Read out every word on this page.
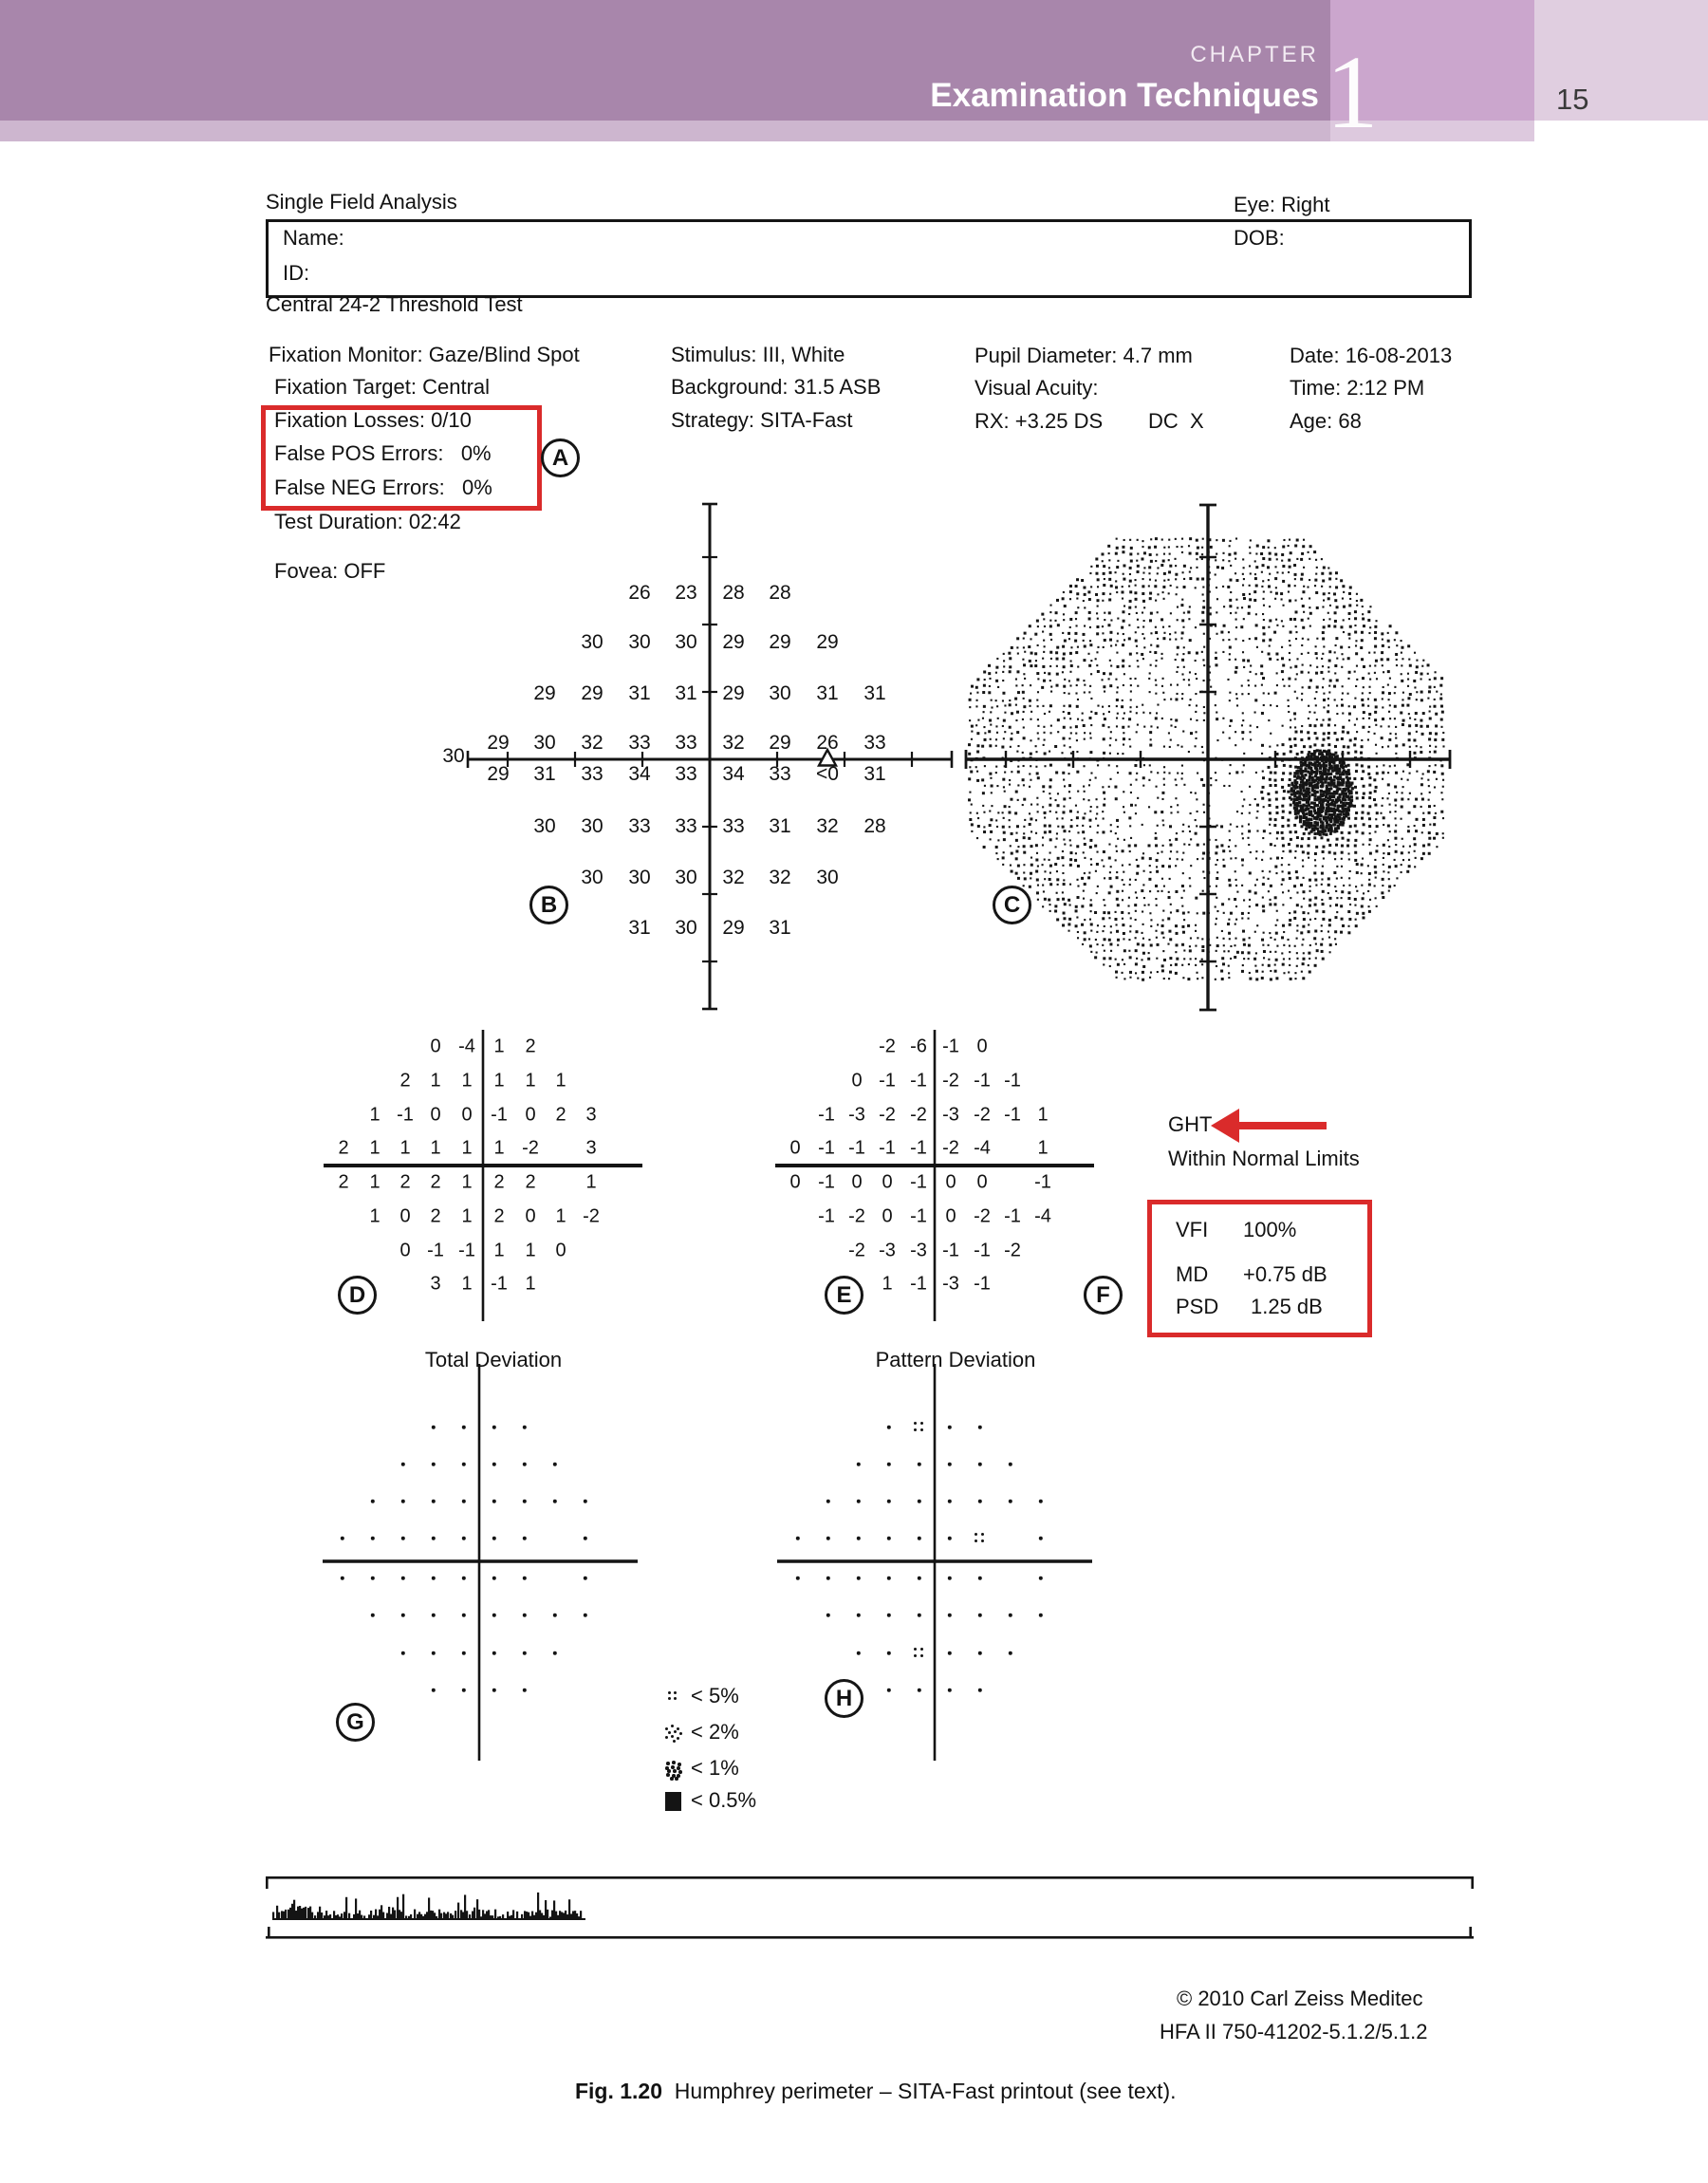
CHAPTER
Examination Techniques 1	15
Single Field Analysis	Eye: Right
Name:
ID:
DOB:
Central 24-2 Threshold Test
Fixation Monitor: Gaze/Blind Spot
Fixation Target: Central
Fixation Losses: 0/10
False POS Errors:   0%
False NEG Errors:   0%
Test Duration: 02:42
Fovea: OFF
Stimulus: III, White
Background: 31.5 ASB
Strategy: SITA-Fast
Pupil Diameter: 4.7 mm
Visual Acuity:
RX: +3.25 DS DC  X
Date: 16-08-2013
Time: 2:12 PM
Age: 68
26 23 28 28
30 30 30 29 29 29
29 29 31 31 29 30 31 31
29 30 32 33 33 32 29 26 33
29 31 33 34 33 34 33 <0 31
30 30 33 33 33 31 32 28
30 30 30 32 32 30
31 30 29 31
30
0 -4 1 2
2 1 1 1 1 1
1 -1 0 0 -1 0 2 3
2 1 1 1 1 1 -2 3
2 1 2 2 1 2 2	1
1 0 2 1 2 0 1 -2
0 -1 -1 1 1 0
3 1 -1 1
-2 -6 -1 0
0 -1 -1 -2 -1 -1
-1 -3 -2 -2 -3 -2 -1 1
0 -1 -1 -1 -1 -2 -4 1
0 -1 0 0 -1 0 0 -1
-1 -2 0 -1 0 -2 -1 -4
-2 -3 -3 -1 -1 -2
1 -1 -3 -1
GHT
Within Normal Limits
VFI 100%
MD +0.75 dB
PSD 1.25 dB
Total Deviation	Pattern Deviation
< 5%
< 2%
< 1%
< 0.5%
A
B	C
D	E	F
G
H
© 2010 Carl Zeiss Meditec
HFA II 750-41202-5.1.2/5.1.2

Fig. 1.20  Humphrey perimeter – SITA-Fast printout (see text).
